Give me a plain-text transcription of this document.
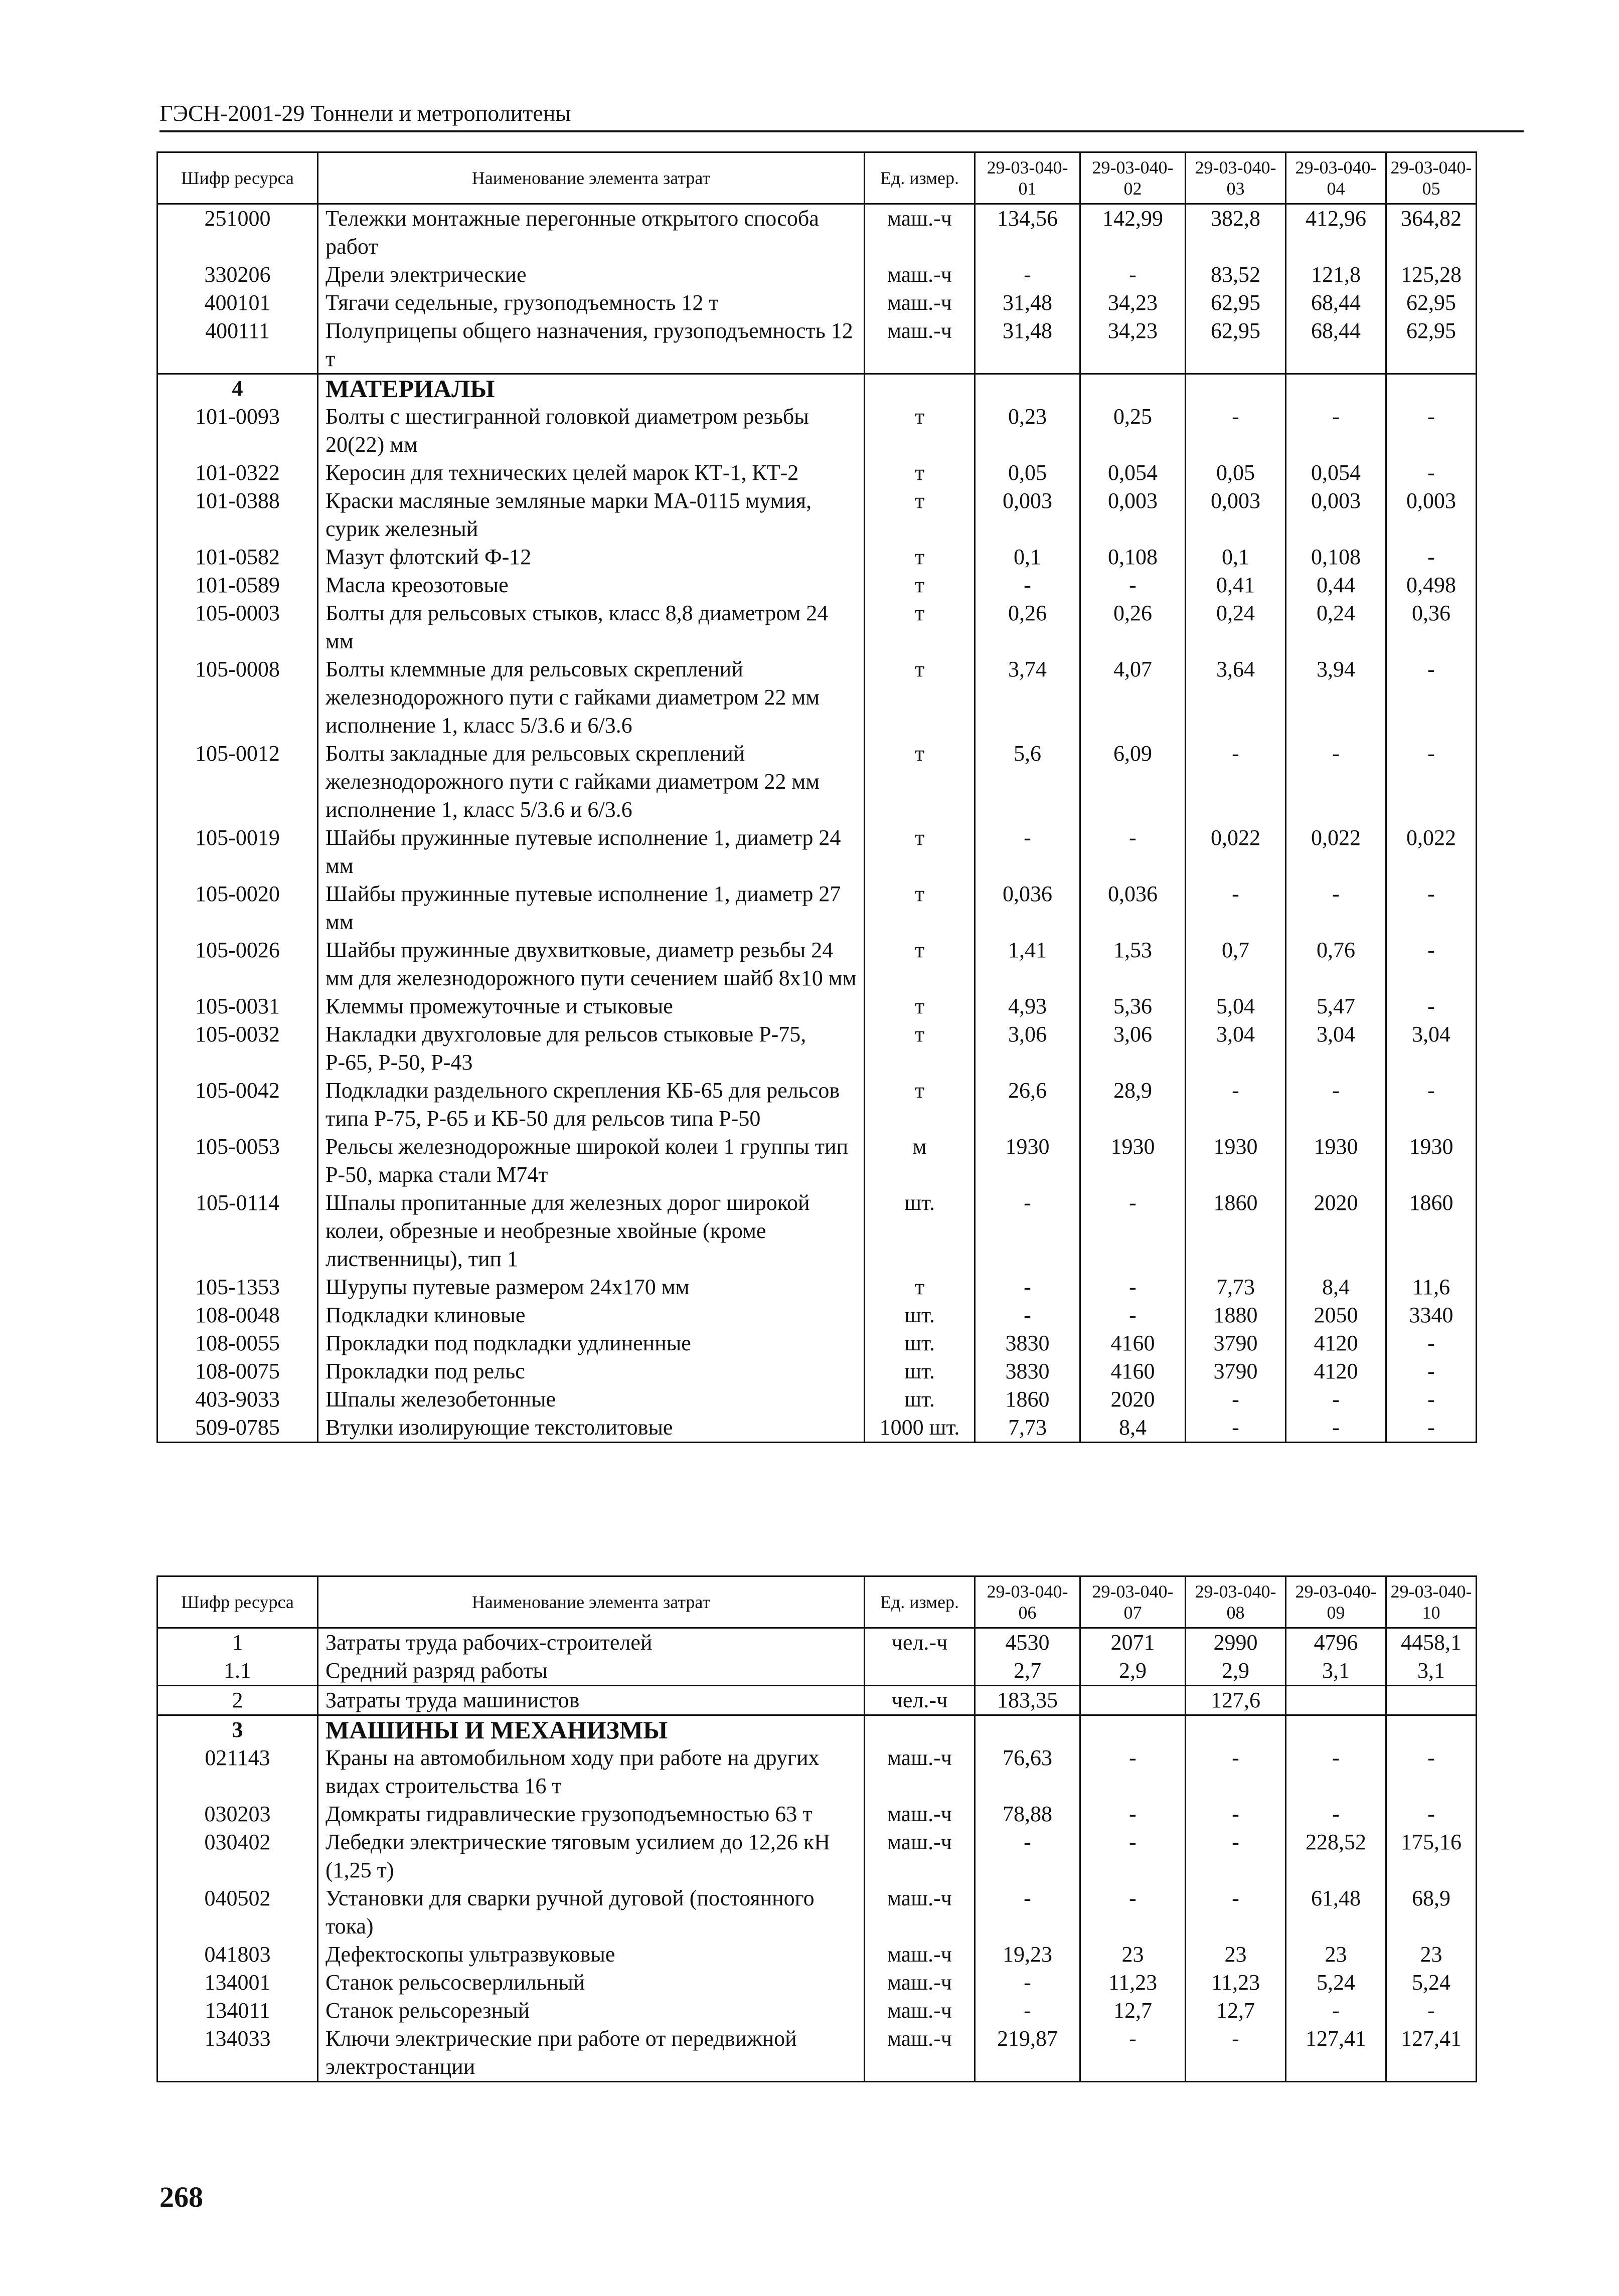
ГЭСН-2001-29 Тоннели и метрополитены
Шифр ресурса	Наименование элемента затрат	Ед. измер.	29-03-040-01	29-03-040-02	29-03-040-03	29-03-040-04	29-03-040-05
251000	Тележки монтажные перегонные открытого способа работ	маш.-ч	134,56	142,99	382,8	412,96	364,82
330206	Дрели электрические	маш.-ч	-	-	83,52	121,8	125,28
400101	Тягачи седельные, грузоподъемность 12 т	маш.-ч	31,48	34,23	62,95	68,44	62,95
400111	Полуприцепы общего назначения, грузоподъемность 12 т	маш.-ч	31,48	34,23	62,95	68,44	62,95
4	МАТЕРИАЛЫ						
101-0093	Болты с шестигранной головкой диаметром резьбы 20(22) мм	т	0,23	0,25	-	-	-
101-0322	Керосин для технических целей марок КТ-1, КТ-2	т	0,05	0,054	0,05	0,054	-
101-0388	Краски масляные земляные марки МА-0115 мумия, сурик железный	т	0,003	0,003	0,003	0,003	0,003
101-0582	Мазут флотский Ф-12	т	0,1	0,108	0,1	0,108	-
101-0589	Масла креозотовые	т	-	-	0,41	0,44	0,498
105-0003	Болты для рельсовых стыков, класс 8,8 диаметром 24 мм	т	0,26	0,26	0,24	0,24	0,36
105-0008	Болты клеммные для рельсовых скреплений железнодорожного пути с гайками диаметром 22 мм исполнение 1, класс 5/3.6 и 6/3.6	т	3,74	4,07	3,64	3,94	-
105-0012	Болты закладные для рельсовых скреплений железнодорожного пути с гайками диаметром 22 мм исполнение 1, класс 5/3.6 и 6/3.6	т	5,6	6,09	-	-	-
105-0019	Шайбы пружинные путевые исполнение 1, диаметр 24 мм	т	-	-	0,022	0,022	0,022
105-0020	Шайбы пружинные путевые исполнение 1, диаметр 27 мм	т	0,036	0,036	-	-	-
105-0026	Шайбы пружинные двухвитковые, диаметр резьбы 24 мм для железнодорожного пути сечением шайб 8x10 мм	т	1,41	1,53	0,7	0,76	-
105-0031	Клеммы промежуточные и стыковые	т	4,93	5,36	5,04	5,47	-
105-0032	Накладки двухголовые для рельсов стыковые Р-75, Р-65, Р-50, Р-43	т	3,06	3,06	3,04	3,04	3,04
105-0042	Подкладки раздельного скрепления КБ-65 для рельсов типа Р-75, Р-65 и КБ-50 для рельсов типа Р-50	т	26,6	28,9	-	-	-
105-0053	Рельсы железнодорожные широкой колеи 1 группы тип Р-50, марка стали М74т	м	1930	1930	1930	1930	1930
105-0114	Шпалы пропитанные для железных дорог широкой колеи, обрезные и необрезные хвойные (кроме лиственницы), тип 1	шт.	-	-	1860	2020	1860
105-1353	Шурупы путевые размером 24x170 мм	т	-	-	7,73	8,4	11,6
108-0048	Подкладки клиновые	шт.	-	-	1880	2050	3340
108-0055	Прокладки под подкладки удлиненные	шт.	3830	4160	3790	4120	-
108-0075	Прокладки под рельс	шт.	3830	4160	3790	4120	-
403-9033	Шпалы железобетонные	шт.	1860	2020	-	-	-
509-0785	Втулки изолирующие текстолитовые	1000 шт.	7,73	8,4	-	-	-
Шифр ресурса	Наименование элемента затрат	Ед. измер.	29-03-040-06	29-03-040-07	29-03-040-08	29-03-040-09	29-03-040-10
1	Затраты труда рабочих-строителей	чел.-ч	4530	2071	2990	4796	4458,1
1.1	Средний разряд работы		2,7	2,9	2,9	3,1	3,1
2	Затраты труда машинистов	чел.-ч	183,35		127,6		
3	МАШИНЫ И МЕХАНИЗМЫ						
021143	Краны на автомобильном ходу при работе на других видах строительства 16 т	маш.-ч	76,63	-	-	-	-
030203	Домкраты гидравлические грузоподъемностью 63 т	маш.-ч	78,88	-	-	-	-
030402	Лебедки электрические тяговым усилием до 12,26 кН (1,25 т)	маш.-ч	-	-	-	228,52	175,16
040502	Установки для сварки ручной дуговой (постоянного тока)	маш.-ч	-	-	-	61,48	68,9
041803	Дефектоскопы ультразвуковые	маш.-ч	19,23	23	23	23	23
134001	Станок рельсосверлильный	маш.-ч	-	11,23	11,23	5,24	5,24
134011	Станок рельсорезный	маш.-ч	-	12,7	12,7	-	-
134033	Ключи электрические при работе от передвижной электростанции	маш.-ч	219,87	-	-	127,41	127,41
268
